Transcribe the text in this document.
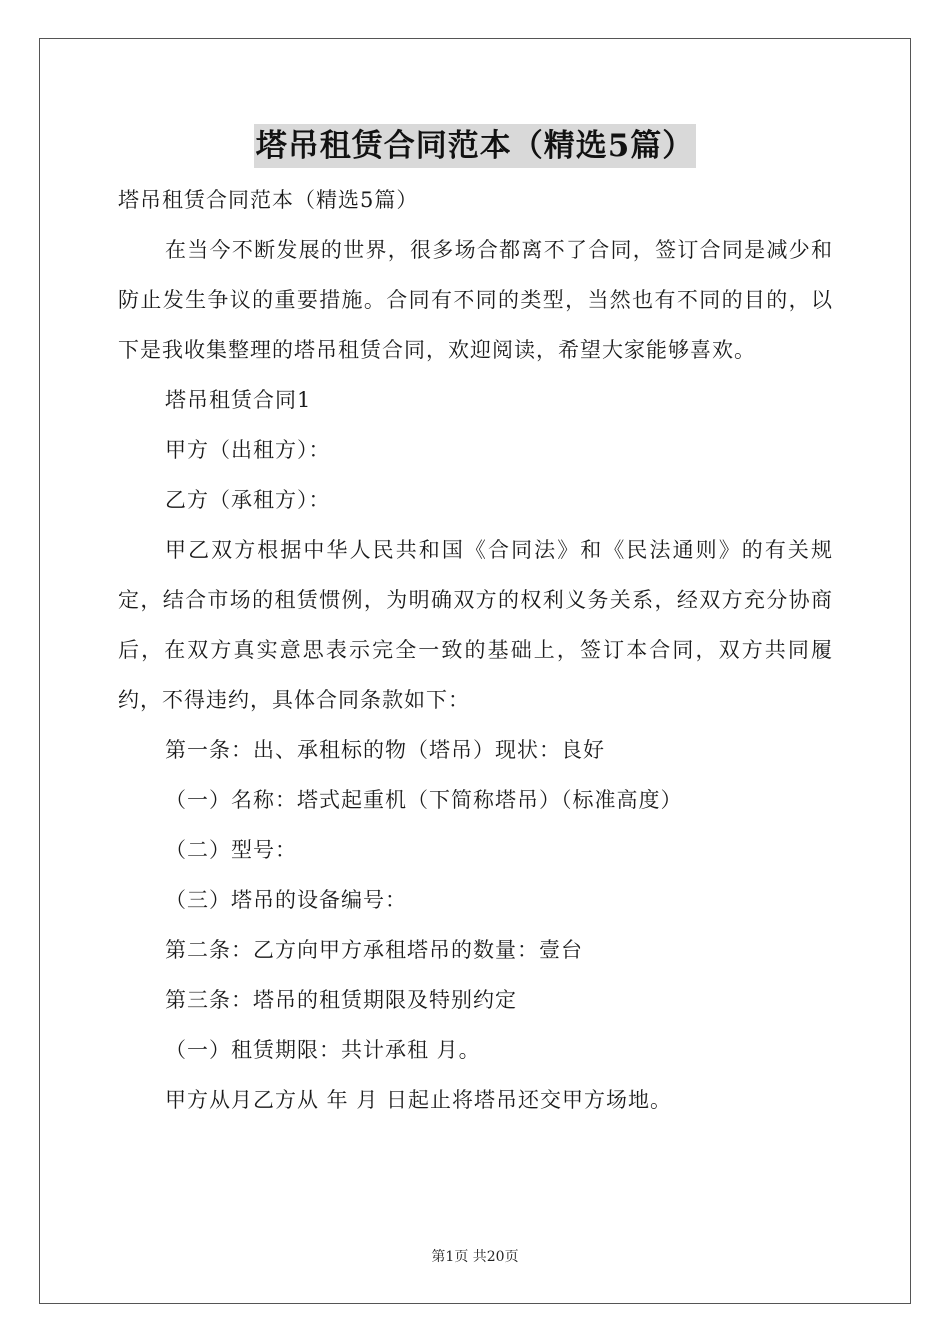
塔吊租赁合同范本（精选5篇）

塔吊租赁合同范本（精选5篇）

在当今不断发展的世界，很多场合都离不了合同，签订合同是减少和防止发生争议的重要措施。合同有不同的类型，当然也有不同的目的，以下是我收集整理的塔吊租赁合同，欢迎阅读，希望大家能够喜欢。

塔吊租赁合同1

甲方（出租方）：

乙方（承租方）：

甲乙双方根据中华人民共和国《合同法》和《民法通则》的有关规定，结合市场的租赁惯例，为明确双方的权利义务关系，经双方充分协商后，在双方真实意思表示完全一致的基础上，签订本合同，双方共同履约，不得违约，具体合同条款如下：

第一条：出、承租标的物（塔吊）现状：良好

（一）名称：塔式起重机（下简称塔吊）（标准高度）

（二）型号：

（三）塔吊的设备编号：

第二条：乙方向甲方承租塔吊的数量：壹台

第三条：塔吊的租赁期限及特别约定

（一）租赁期限：共计承租 月。

甲方从月乙方从 年 月 日起止将塔吊还交甲方场地。

第1页 共20页
